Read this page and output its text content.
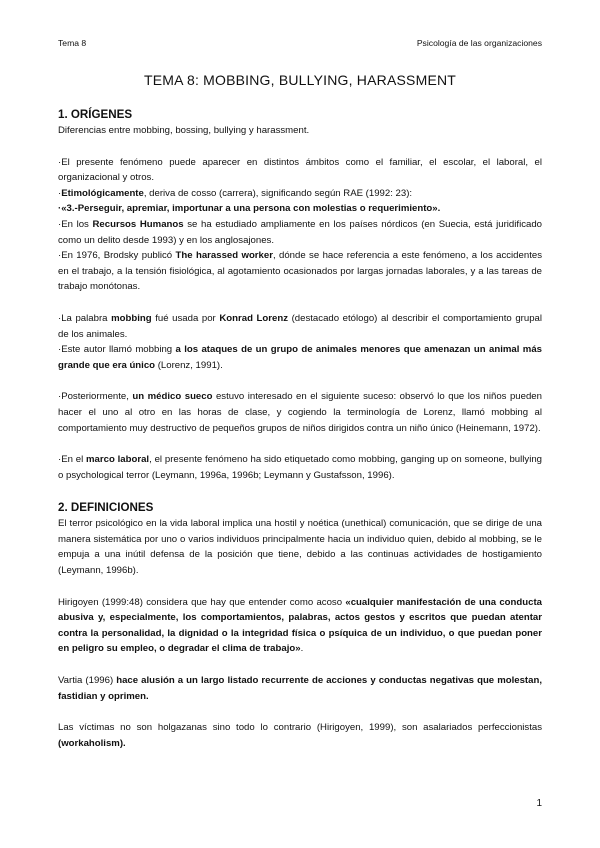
Tema 8	Psicología de las organizaciones
TEMA 8: MOBBING, BULLYING, HARASSMENT

1. ORÍGENES

Diferencias entre mobbing, bossing, bullying y harassment.

·El presente fenómeno puede aparecer en distintos ámbitos como el familiar, el escolar, el laboral, el organizacional y otros.

·Etimológicamente, deriva de cosso (carrera), significando según RAE (1992: 23):

·«3.-Perseguir, apremiar, importunar a una persona con molestias o requerimiento».

·En los Recursos Humanos se ha estudiado ampliamente en los países nórdicos (en Suecia, está juridificado como un delito desde 1993) y en los anglosajones.

·En 1976, Brodsky publicó The harassed worker, dónde se hace referencia a este fenómeno, a los accidentes en el trabajo, a la tensión fisiológica, al agotamiento ocasionados por largas jornadas laborales, y a las tareas de trabajo monótonas.

·La palabra mobbing fué usada por Konrad Lorenz (destacado etólogo) al describir el comportamiento grupal de los animales.

·Este autor llamó mobbing a los ataques de un grupo de animales menores que amenazan un animal más grande que era único (Lorenz, 1991).

·Posteriormente, un médico sueco estuvo interesado en el siguiente suceso: observó lo que los niños pueden hacer el uno al otro en las horas de clase, y cogiendo la terminología de Lorenz, llamó mobbing al comportamiento muy destructivo de pequeños grupos de niños dirigidos contra un niño único (Heinemann, 1972).

·En el marco laboral, el presente fenómeno ha sido etiquetado como mobbing, ganging up on someone, bullying o psychological terror (Leymann, 1996a, 1996b; Leymann y Gustafsson, 1996).

2. DEFINICIONES

El terror psicológico en la vida laboral implica una hostil y noética (unethical) comunicación, que se dirige de una manera sistemática por uno o varios individuos principalmente hacia un individuo quien, debido al mobbing, se le empuja a una inútil defensa de la posición que tiene, debido a las continuas actividades de hostigamiento (Leymann, 1996b).

Hirigoyen (1999:48) considera que hay que entender como acoso «cualquier manifestación de una conducta abusiva y, especialmente, los comportamientos, palabras, actos gestos y escritos que puedan atentar contra la personalidad, la dignidad o la integridad física o psíquica de un individuo, o que puedan poner en peligro su empleo, o degradar el clima de trabajo».

Vartia (1996) hace alusión a un largo listado recurrente de acciones y conductas negativas que molestan, fastidian y oprimen.

Las víctimas no son holgazanas sino todo lo contrario (Hirigoyen, 1999), son asalariados perfeccionistas (workaholism).

1
